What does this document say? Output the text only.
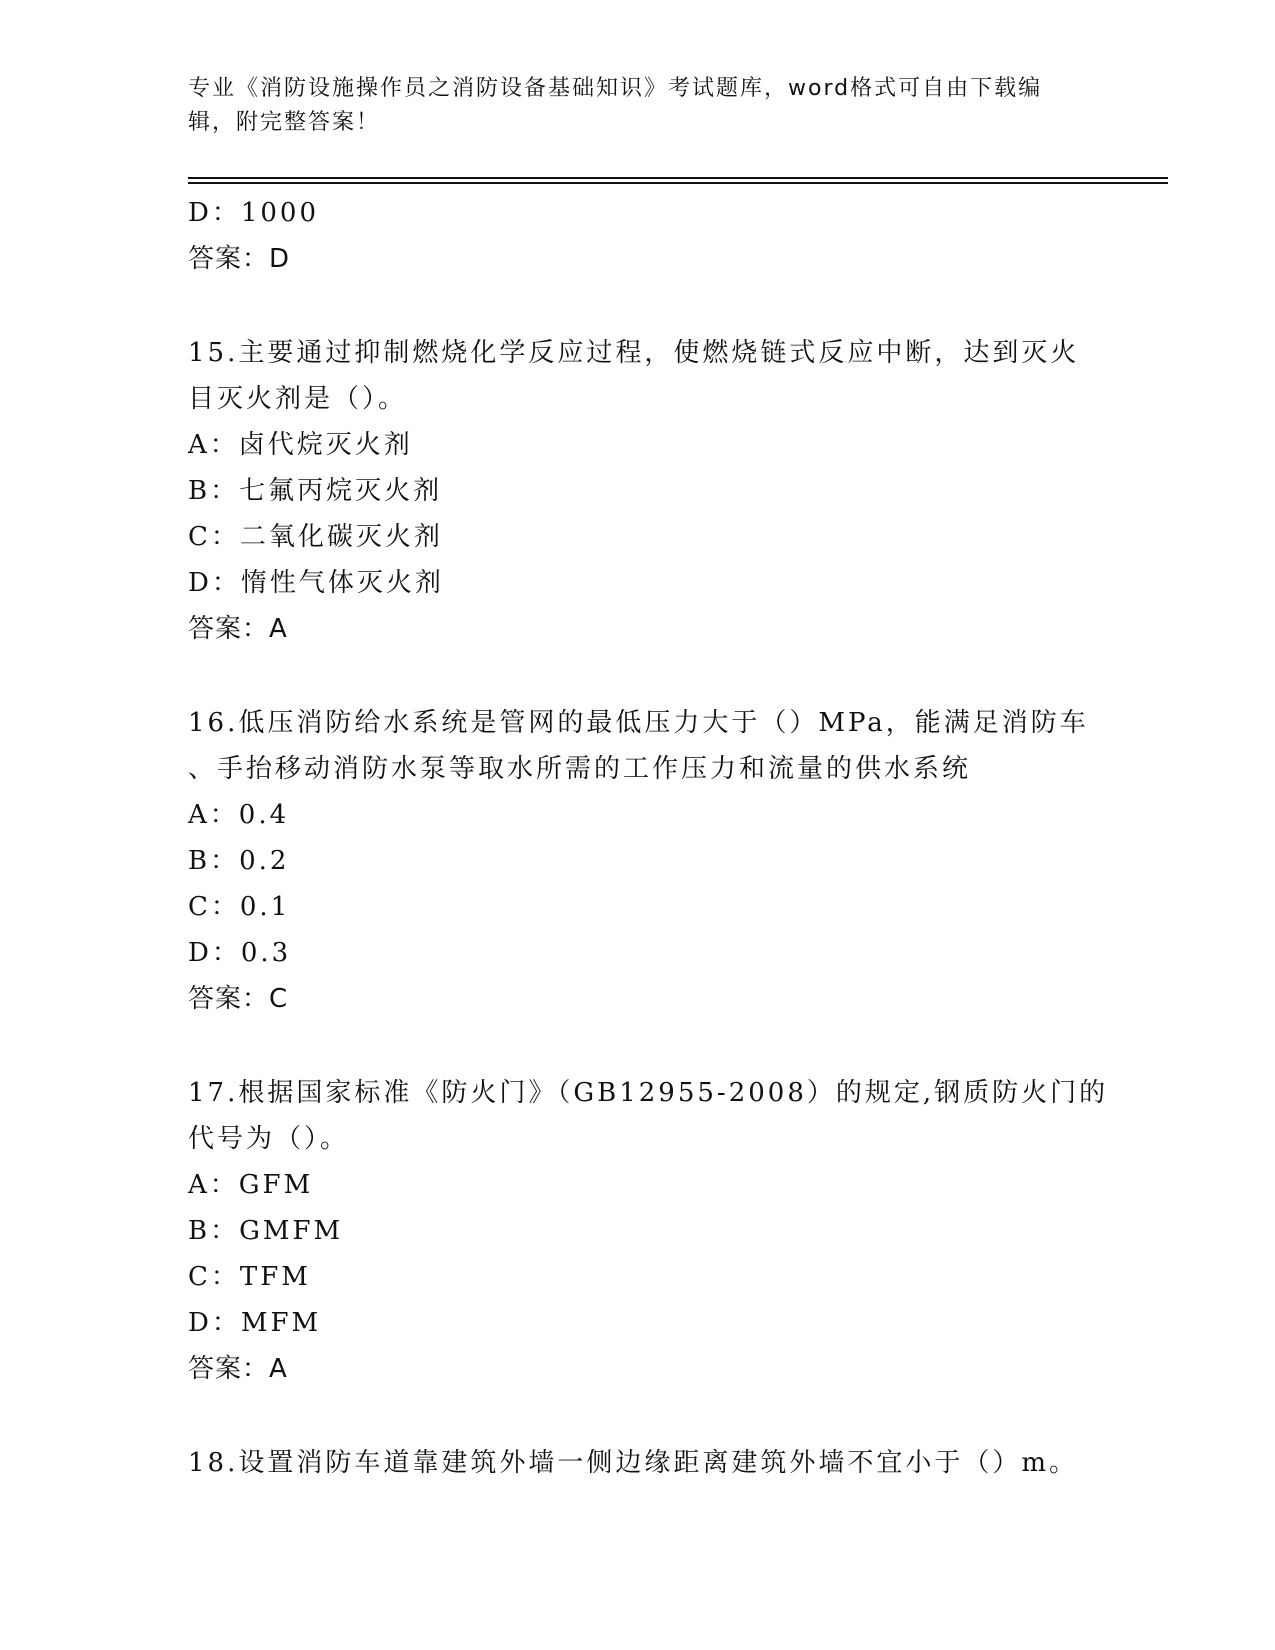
专业《消防设施操作员之消防设备基础知识》考试题库，word格式可自由下载编
辑，附完整答案！
D：1000
答案：D
15.主要通过抑制燃烧化学反应过程，使燃烧链式反应中断，达到灭火
目灭火剂是（）。
A：卤代烷灭火剂
B：七氟丙烷灭火剂
C：二氧化碳灭火剂
D：惰性气体灭火剂
答案：A
16.低压消防给水系统是管网的最低压力大于（）MPa，能满足消防车
、手抬移动消防水泵等取水所需的工作压力和流量的供水系统
A：0.4
B：0.2
C：0.1
D：0.3
答案：C
17.根据国家标准《防火门》（GB12955-2008）的规定,钢质防火门的
代号为（）。
A：GFM
B：GMFM
C：TFM
D：MFM
答案：A
18.设置消防车道靠建筑外墙一侧边缘距离建筑外墙不宜小于（）m。
